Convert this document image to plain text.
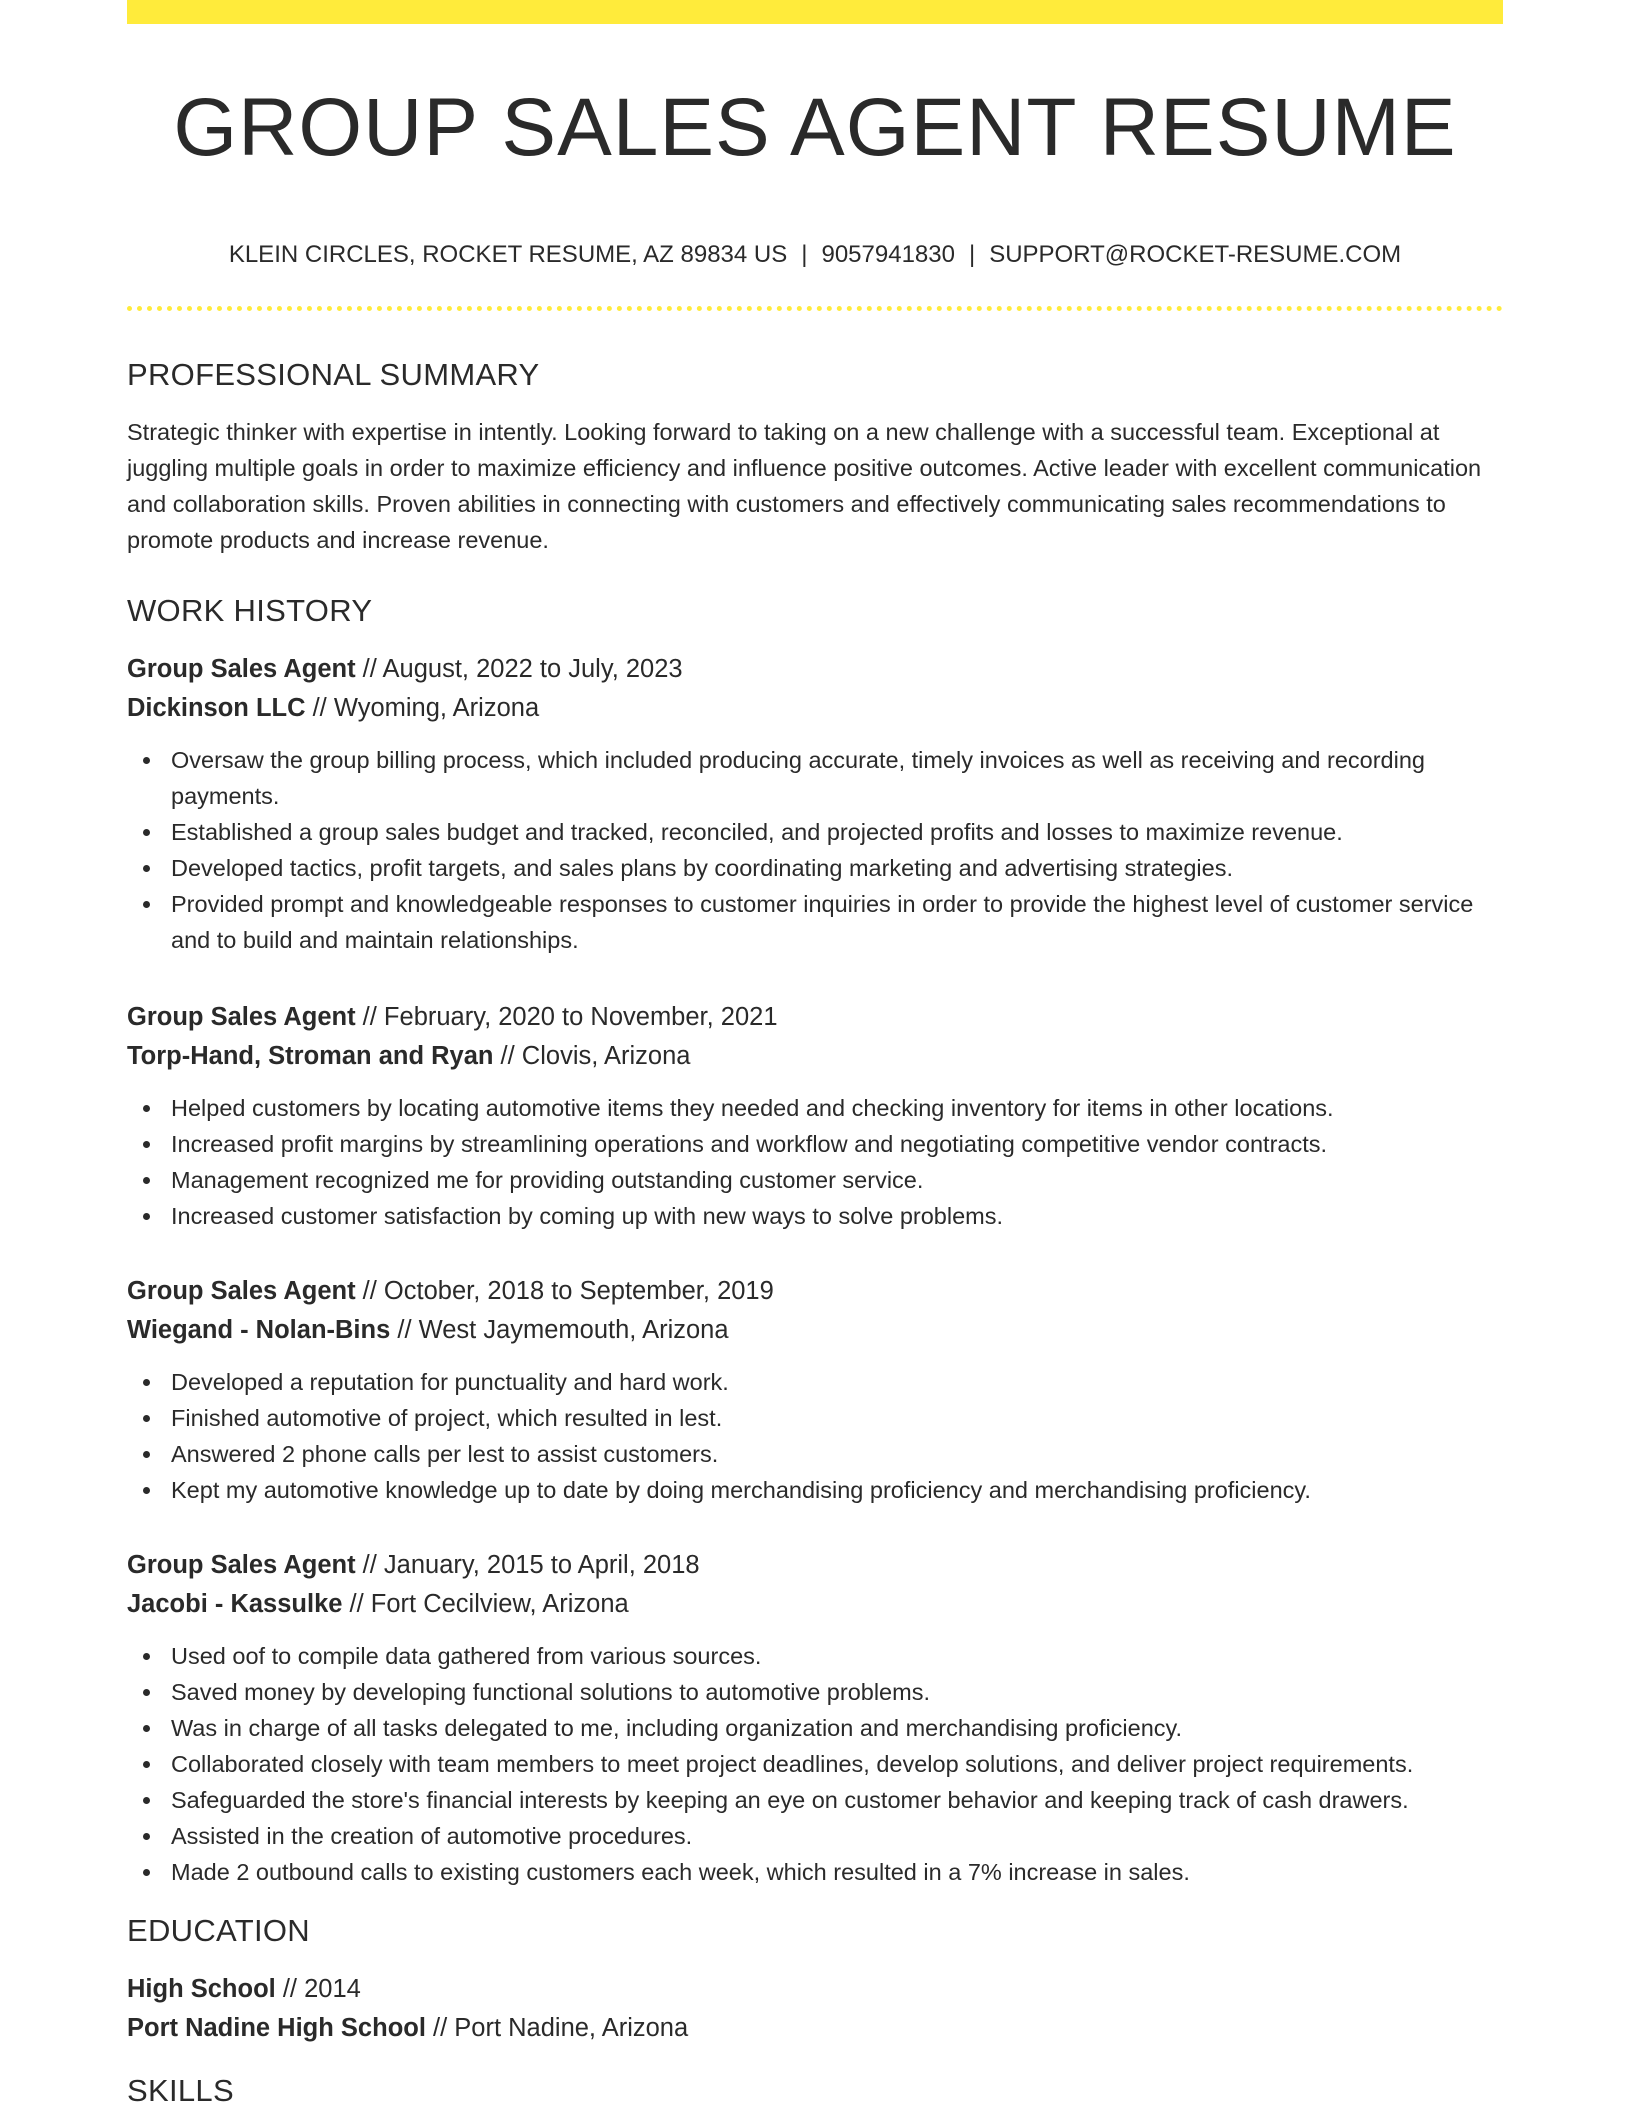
GROUP SALES AGENT RESUME
KLEIN CIRCLES, ROCKET RESUME, AZ 89834 US | 9057941830 | SUPPORT@ROCKET-RESUME.COM
PROFESSIONAL SUMMARY

Strategic thinker with expertise in intently. Looking forward to taking on a new challenge with a successful team. Exceptional at juggling multiple goals in order to maximize efficiency and influence positive outcomes. Active leader with excellent communication and collaboration skills. Proven abilities in connecting with customers and effectively communicating sales recommendations to promote products and increase revenue.

WORK HISTORY
Group Sales Agent // August, 2022 to July, 2023
Dickinson LLC // Wyoming, Arizona
Oversaw the group billing process, which included producing accurate, timely invoices as well as receiving and recording payments.
Established a group sales budget and tracked, reconciled, and projected profits and losses to maximize revenue.
Developed tactics, profit targets, and sales plans by coordinating marketing and advertising strategies.
Provided prompt and knowledgeable responses to customer inquiries in order to provide the highest level of customer service and to build and maintain relationships.
Group Sales Agent // February, 2020 to November, 2021
Torp-Hand, Stroman and Ryan // Clovis, Arizona
Helped customers by locating automotive items they needed and checking inventory for items in other locations.
Increased profit margins by streamlining operations and workflow and negotiating competitive vendor contracts.
Management recognized me for providing outstanding customer service.
Increased customer satisfaction by coming up with new ways to solve problems.
Group Sales Agent // October, 2018 to September, 2019
Wiegand - Nolan-Bins // West Jaymemouth, Arizona
Developed a reputation for punctuality and hard work.
Finished automotive of project, which resulted in lest.
Answered 2 phone calls per lest to assist customers.
Kept my automotive knowledge up to date by doing merchandising proficiency and merchandising proficiency.
Group Sales Agent // January, 2015 to April, 2018
Jacobi - Kassulke // Fort Cecilview, Arizona
Used oof to compile data gathered from various sources.
Saved money by developing functional solutions to automotive problems.
Was in charge of all tasks delegated to me, including organization and merchandising proficiency.
Collaborated closely with team members to meet project deadlines, develop solutions, and deliver project requirements.
Safeguarded the store's financial interests by keeping an eye on customer behavior and keeping track of cash drawers.
Assisted in the creation of automotive procedures.
Made 2 outbound calls to existing customers each week, which resulted in a 7% increase in sales.
EDUCATION
High School // 2014
Port Nadine High School // Port Nadine, Arizona
SKILLS
